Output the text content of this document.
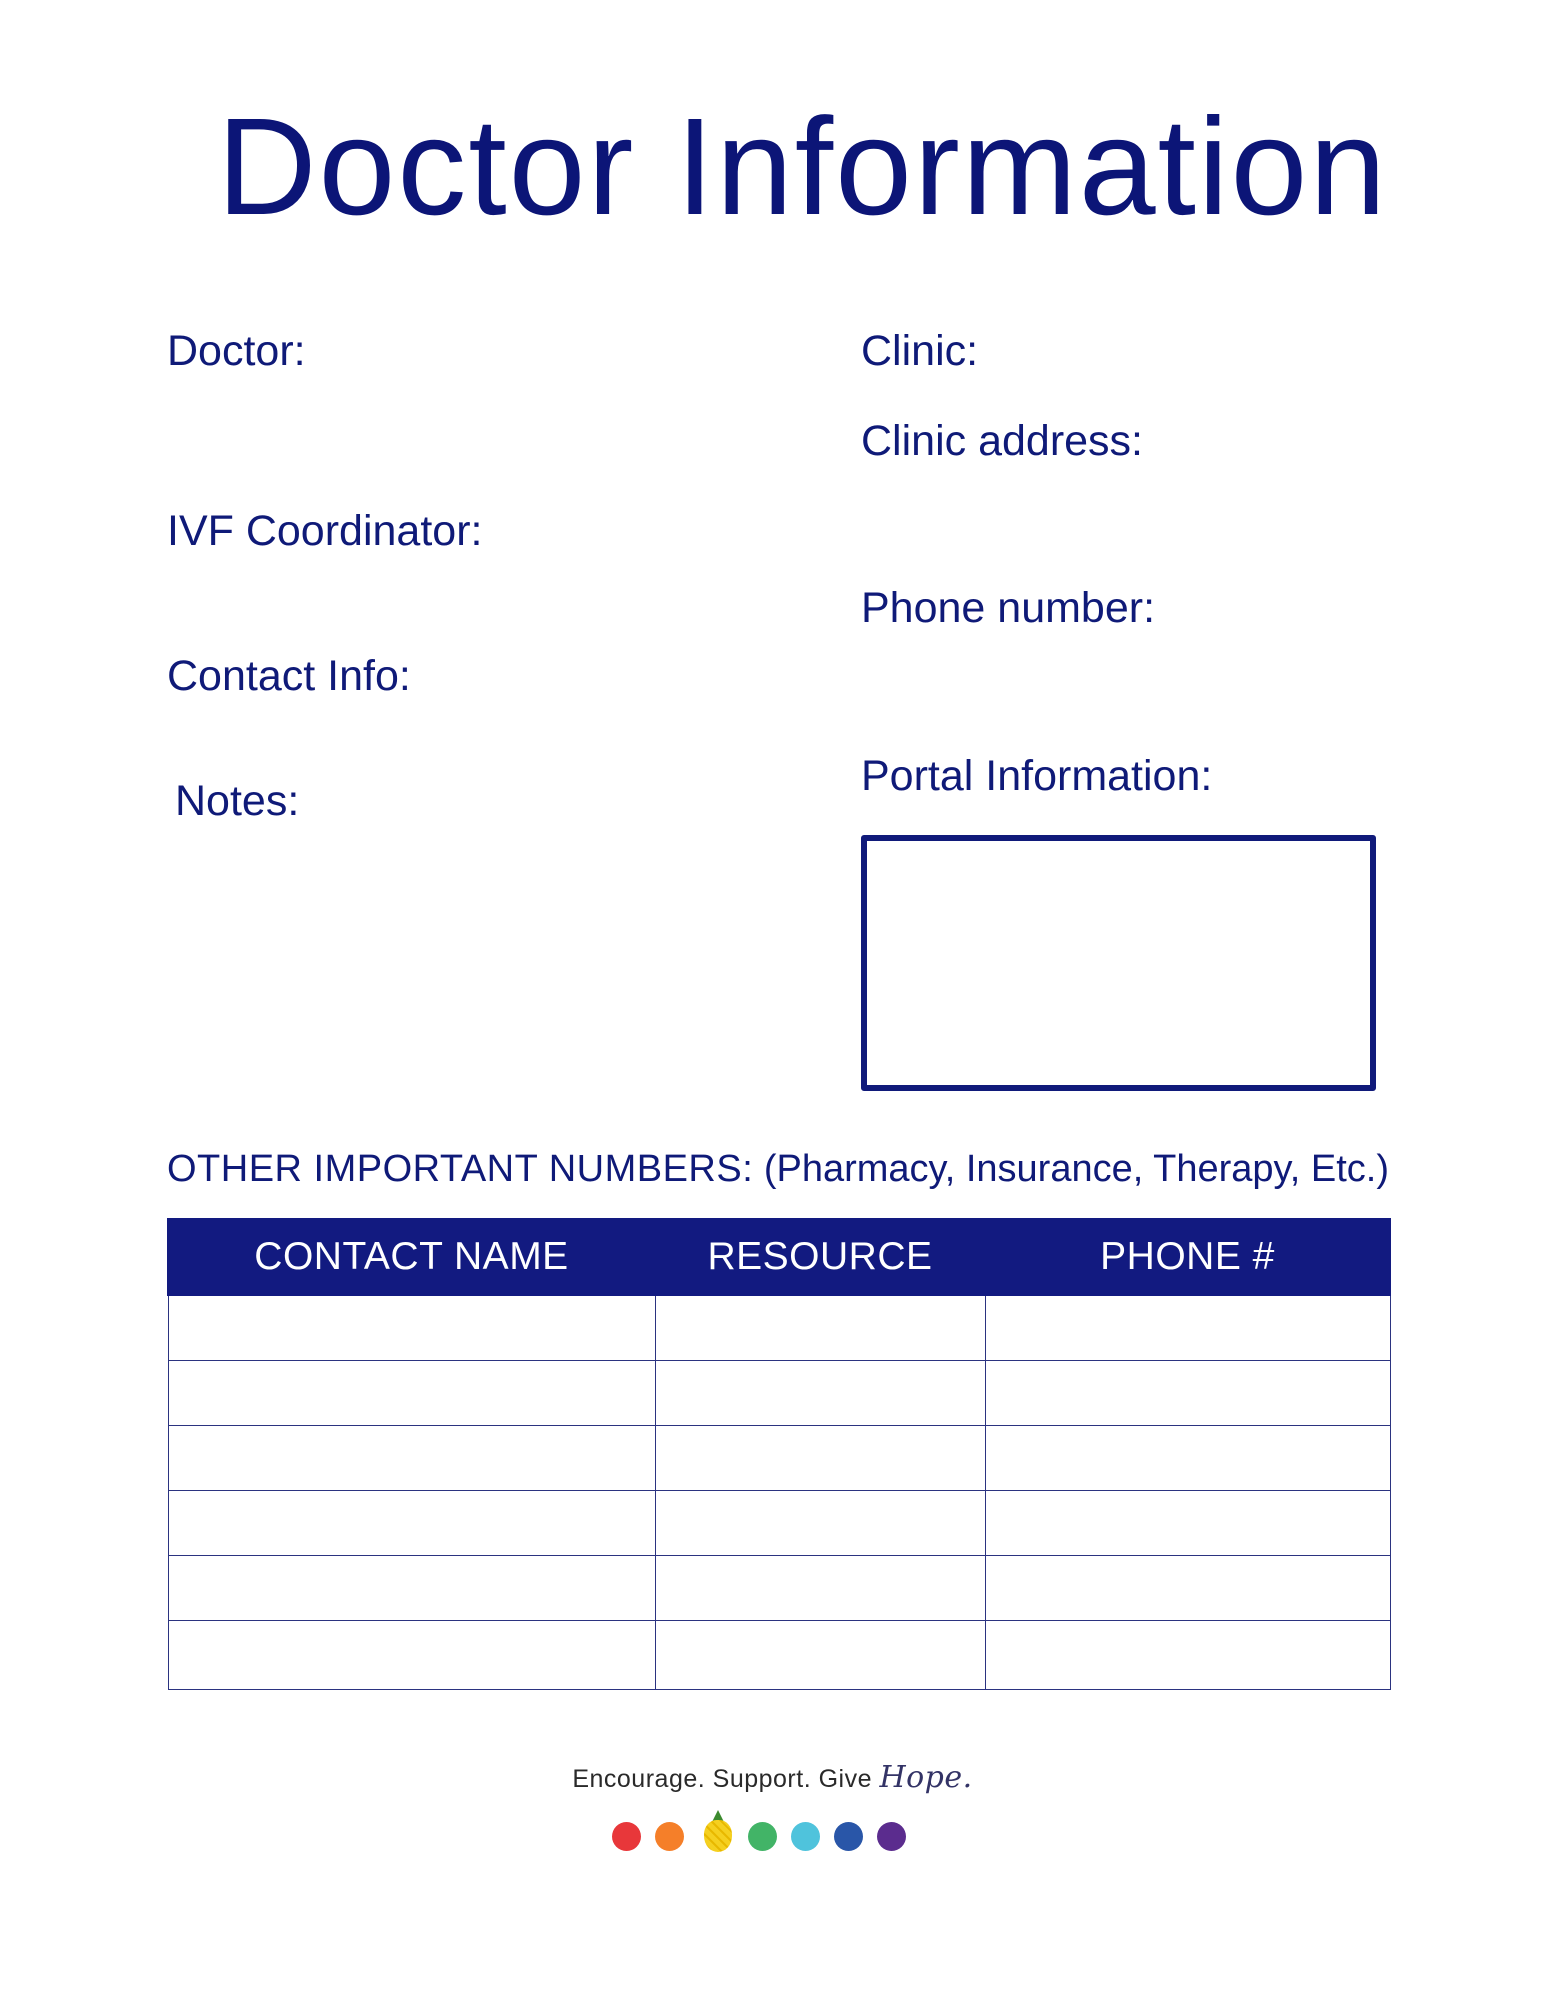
Doctor Information
Doctor:
IVF Coordinator:
Contact Info:
Notes:
Clinic:
Clinic address:
Phone number:
Portal Information:
OTHER IMPORTANT NUMBERS: (Pharmacy, Insurance, Therapy, Etc.)
CONTACT NAME	RESOURCE	PHONE #

Encourage. Support. Give Hope.
